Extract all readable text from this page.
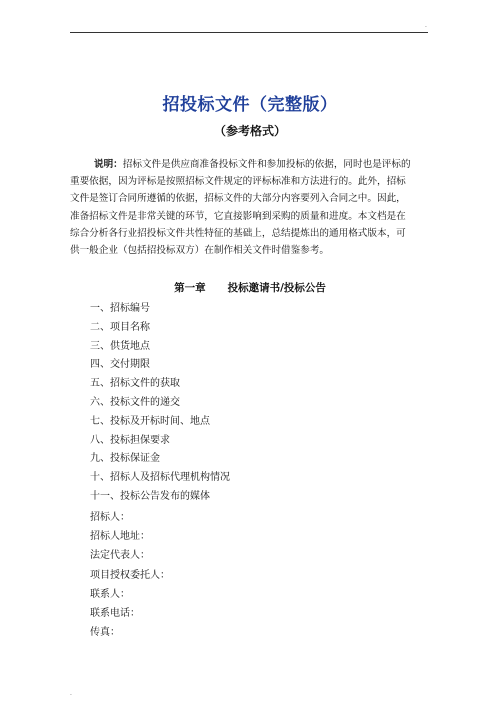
.
招投标文件（完整版）
（参考格式）
说明：招标文件是供应商准备投标文件和参加投标的依据，同时也是评标的
重要依据，因为评标是按照招标文件规定的评标标准和方法进行的。此外，招标
文件是签订合同所遵循的依据，招标文件的大部分内容要列入合同之中。因此，
准备招标文件是非常关键的环节，它直接影响到采购的质量和进度。本文档是在
综合分析各行业招投标文件共性特征的基础上，总结提炼出的通用格式版本，可
供一般企业（包括招投标双方）在制作相关文件时借鉴参考。
第一章 投标邀请书/投标公告
一、招标编号
二、项目名称
三、供货地点
四、交付期限
五、招标文件的获取
六、投标文件的递交
七、投标及开标时间、地点
八、投标担保要求
九、投标保证金
十、招标人及招标代理机构情况
十一、投标公告发布的媒体
招标人：
招标人地址：
法定代表人：
项目授权委托人：
联系人：
联系电话：
传真：
.
